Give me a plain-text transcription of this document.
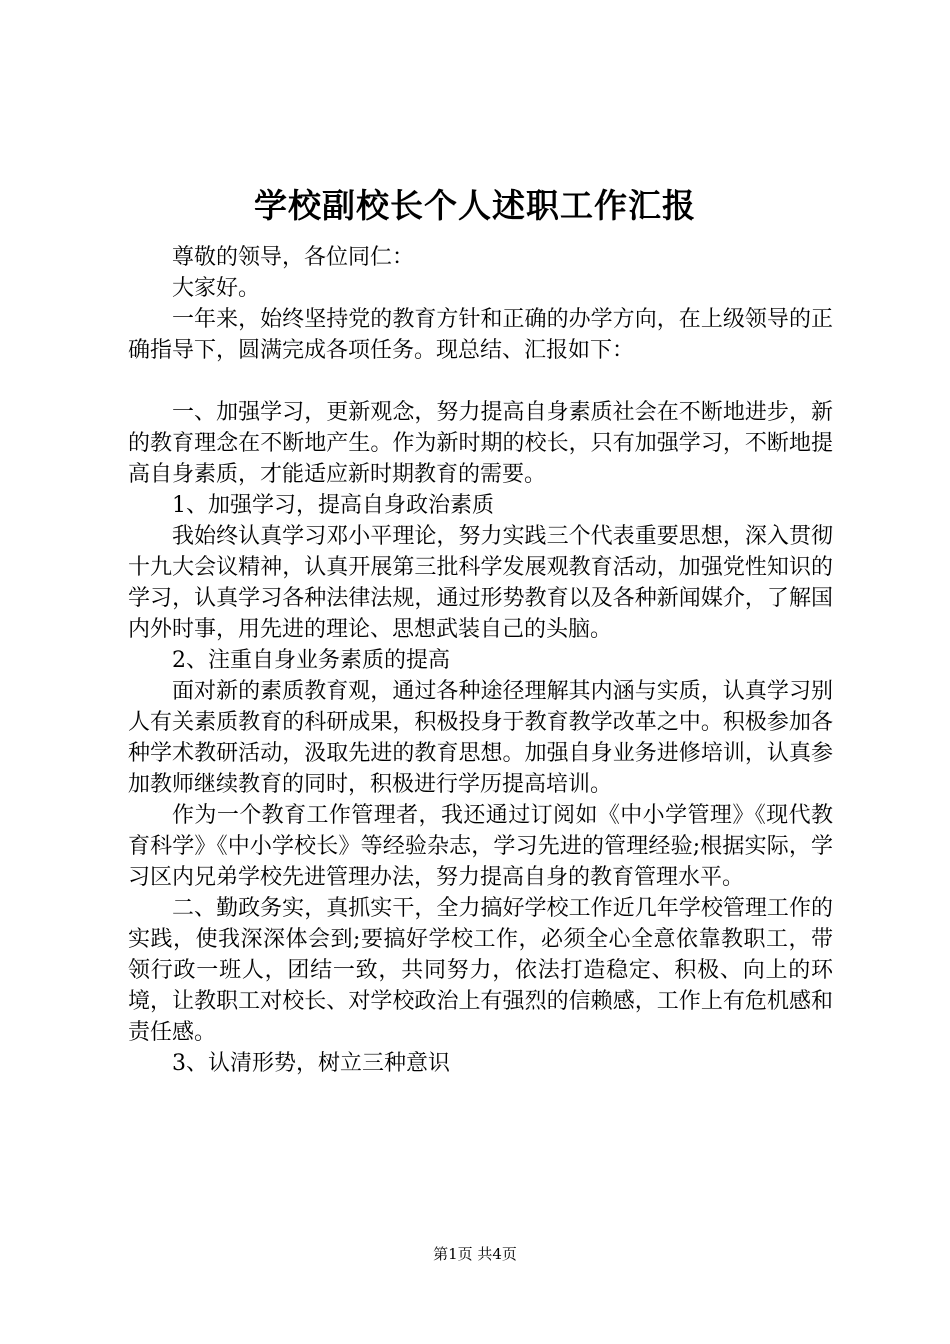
学校副校长个人述职工作汇报

尊敬的领导，各位同仁：

大家好。

一年来，始终坚持党的教育方针和正确的办学方向，在上级领导的正确指导下，圆满完成各项任务。现总结、汇报如下：

一、加强学习，更新观念，努力提高自身素质社会在不断地进步，新的教育理念在不断地产生。作为新时期的校长，只有加强学习，不断地提高自身素质，才能适应新时期教育的需要。

1、加强学习，提高自身政治素质

我始终认真学习邓小平理论，努力实践三个代表重要思想，深入贯彻十九大会议精神，认真开展第三批科学发展观教育活动，加强党性知识的学习，认真学习各种法律法规，通过形势教育以及各种新闻媒介，了解国内外时事，用先进的理论、思想武装自己的头脑。

2、注重自身业务素质的提高

面对新的素质教育观，通过各种途径理解其内涵与实质，认真学习别人有关素质教育的科研成果，积极投身于教育教学改革之中。积极参加各种学术教研活动，汲取先进的教育思想。加强自身业务进修培训，认真参加教师继续教育的同时，积极进行学历提高培训。

作为一个教育工作管理者，我还通过订阅如《中小学管理》《现代教育科学》《中小学校长》等经验杂志，学习先进的管理经验;根据实际，学习区内兄弟学校先进管理办法，努力提高自身的教育管理水平。

二、勤政务实，真抓实干，全力搞好学校工作近几年学校管理工作的实践，使我深深体会到;要搞好学校工作，必须全心全意依靠教职工，带领行政一班人，团结一致，共同努力，依法打造稳定、积极、向上的环境，让教职工对校长、对学校政治上有强烈的信赖感，工作上有危机感和责任感。

3、认清形势，树立三种意识

第1页 共4页
